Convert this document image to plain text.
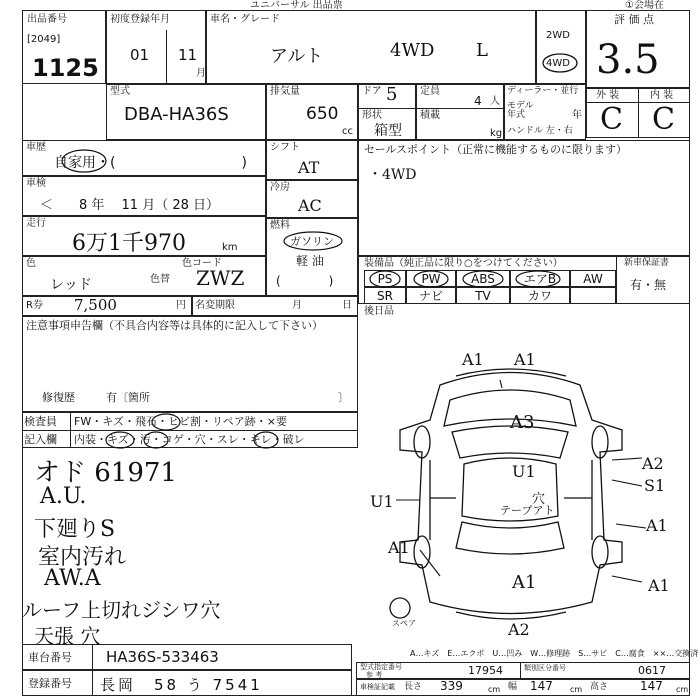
ユニバーサル 出品票	①会場在
出品番号
[2049]
1125
初度登録年月
01 11
月
車名・グレード
アルト	4WD L
2WD
4WD
評 価 点
3.5
外 装	内 装
C C
型式
DBA-HA36S
排気量
650
cc
ドア 5
形状
箱型
定員
4 人
積載
kg
ディーラー・並行
モデル年式	年
ハンドル 左・右
車歴
自家用・(　　　　　　　　　)
車検
＜　　8 年　 11 月（ 28 日）
走行
6万1千970	km
色
レッド	色替
色コード
ZWZ
R券 7,500	円 名変期限	月	日
シフト
AT
冷房
AC
燃料
ガソリン
軽 油
(　　　　)
セールスポイント（正常に機能するものに限ります）
・4WD
装備品（純正品に限り○をつけてください）
PS	PW	ABS	エアB	AW
SR	ナビ	TV	カワ
新車保証書
有・無
後日品
注意事項申告欄（不具合内容等は具体的に記入して下さい）
修復歴	有〔箇所	〕
検査員 FW・キズ・飛石・ヒビ割・リペア跡・×要
記入欄 内装・キズ・汚・コゲ・穴・スレ・キレ・破レ
オド 61971
A.U.
下廻りS
室内汚れ
AW.A
ルーフ上切れジシワ穴
天張 穴
A1 A1
A3
A2
S1
U1	穴
テープアト
A1
U1
A1
A1	A1
A2
スペア
A…キズ　E…エクボ　U…凹み　W…修理跡　S…サビ　C…腐食　××…交換済
車台番号 HA36S-533463
登録番号 長岡　58 う 7541
型式指定番号
参 考	17954	類別区分番号	0617
車検証記載 長さ 339	cm 幅 147 cm 高さ	147 cm
